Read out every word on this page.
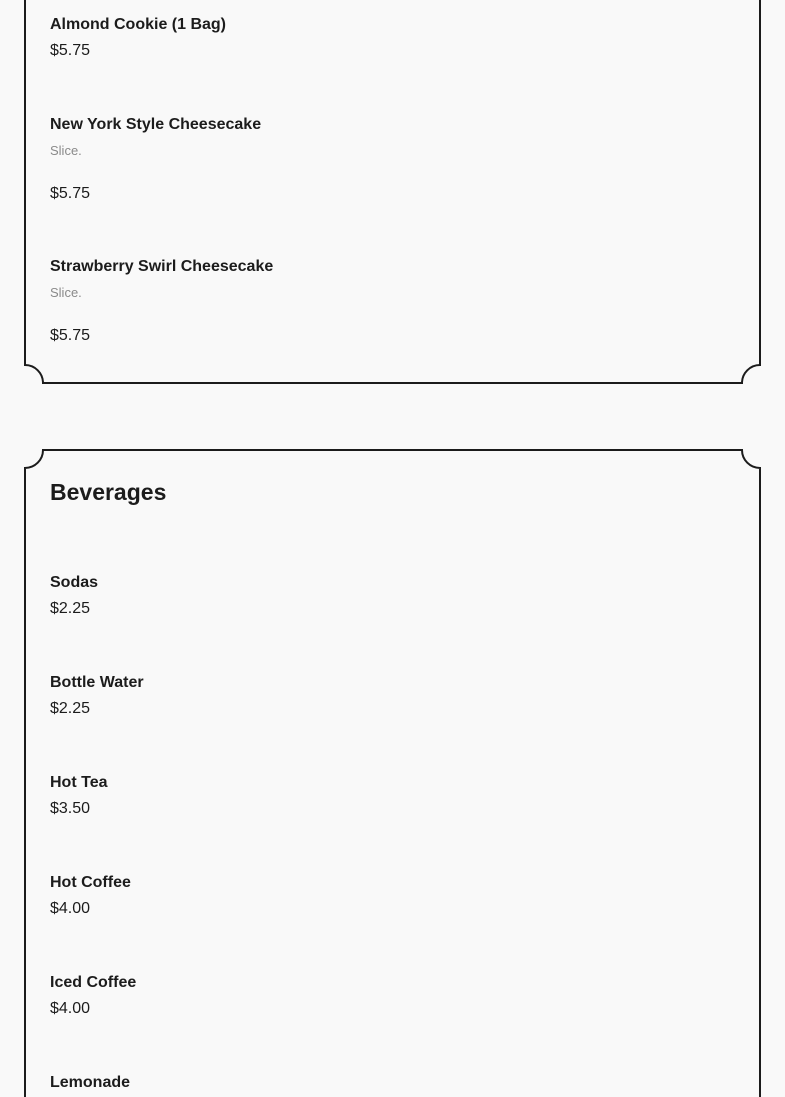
Almond Cookie (1 Bag)

$5.75

New York Style Cheesecake

Slice.

$5.75

Strawberry Swirl Cheesecake

Slice.

$5.75

Beverages

Sodas

$2.25

Bottle Water

$2.25

Hot Tea

$3.50

Hot Coffee

$4.00

Iced Coffee

$4.00

Lemonade
